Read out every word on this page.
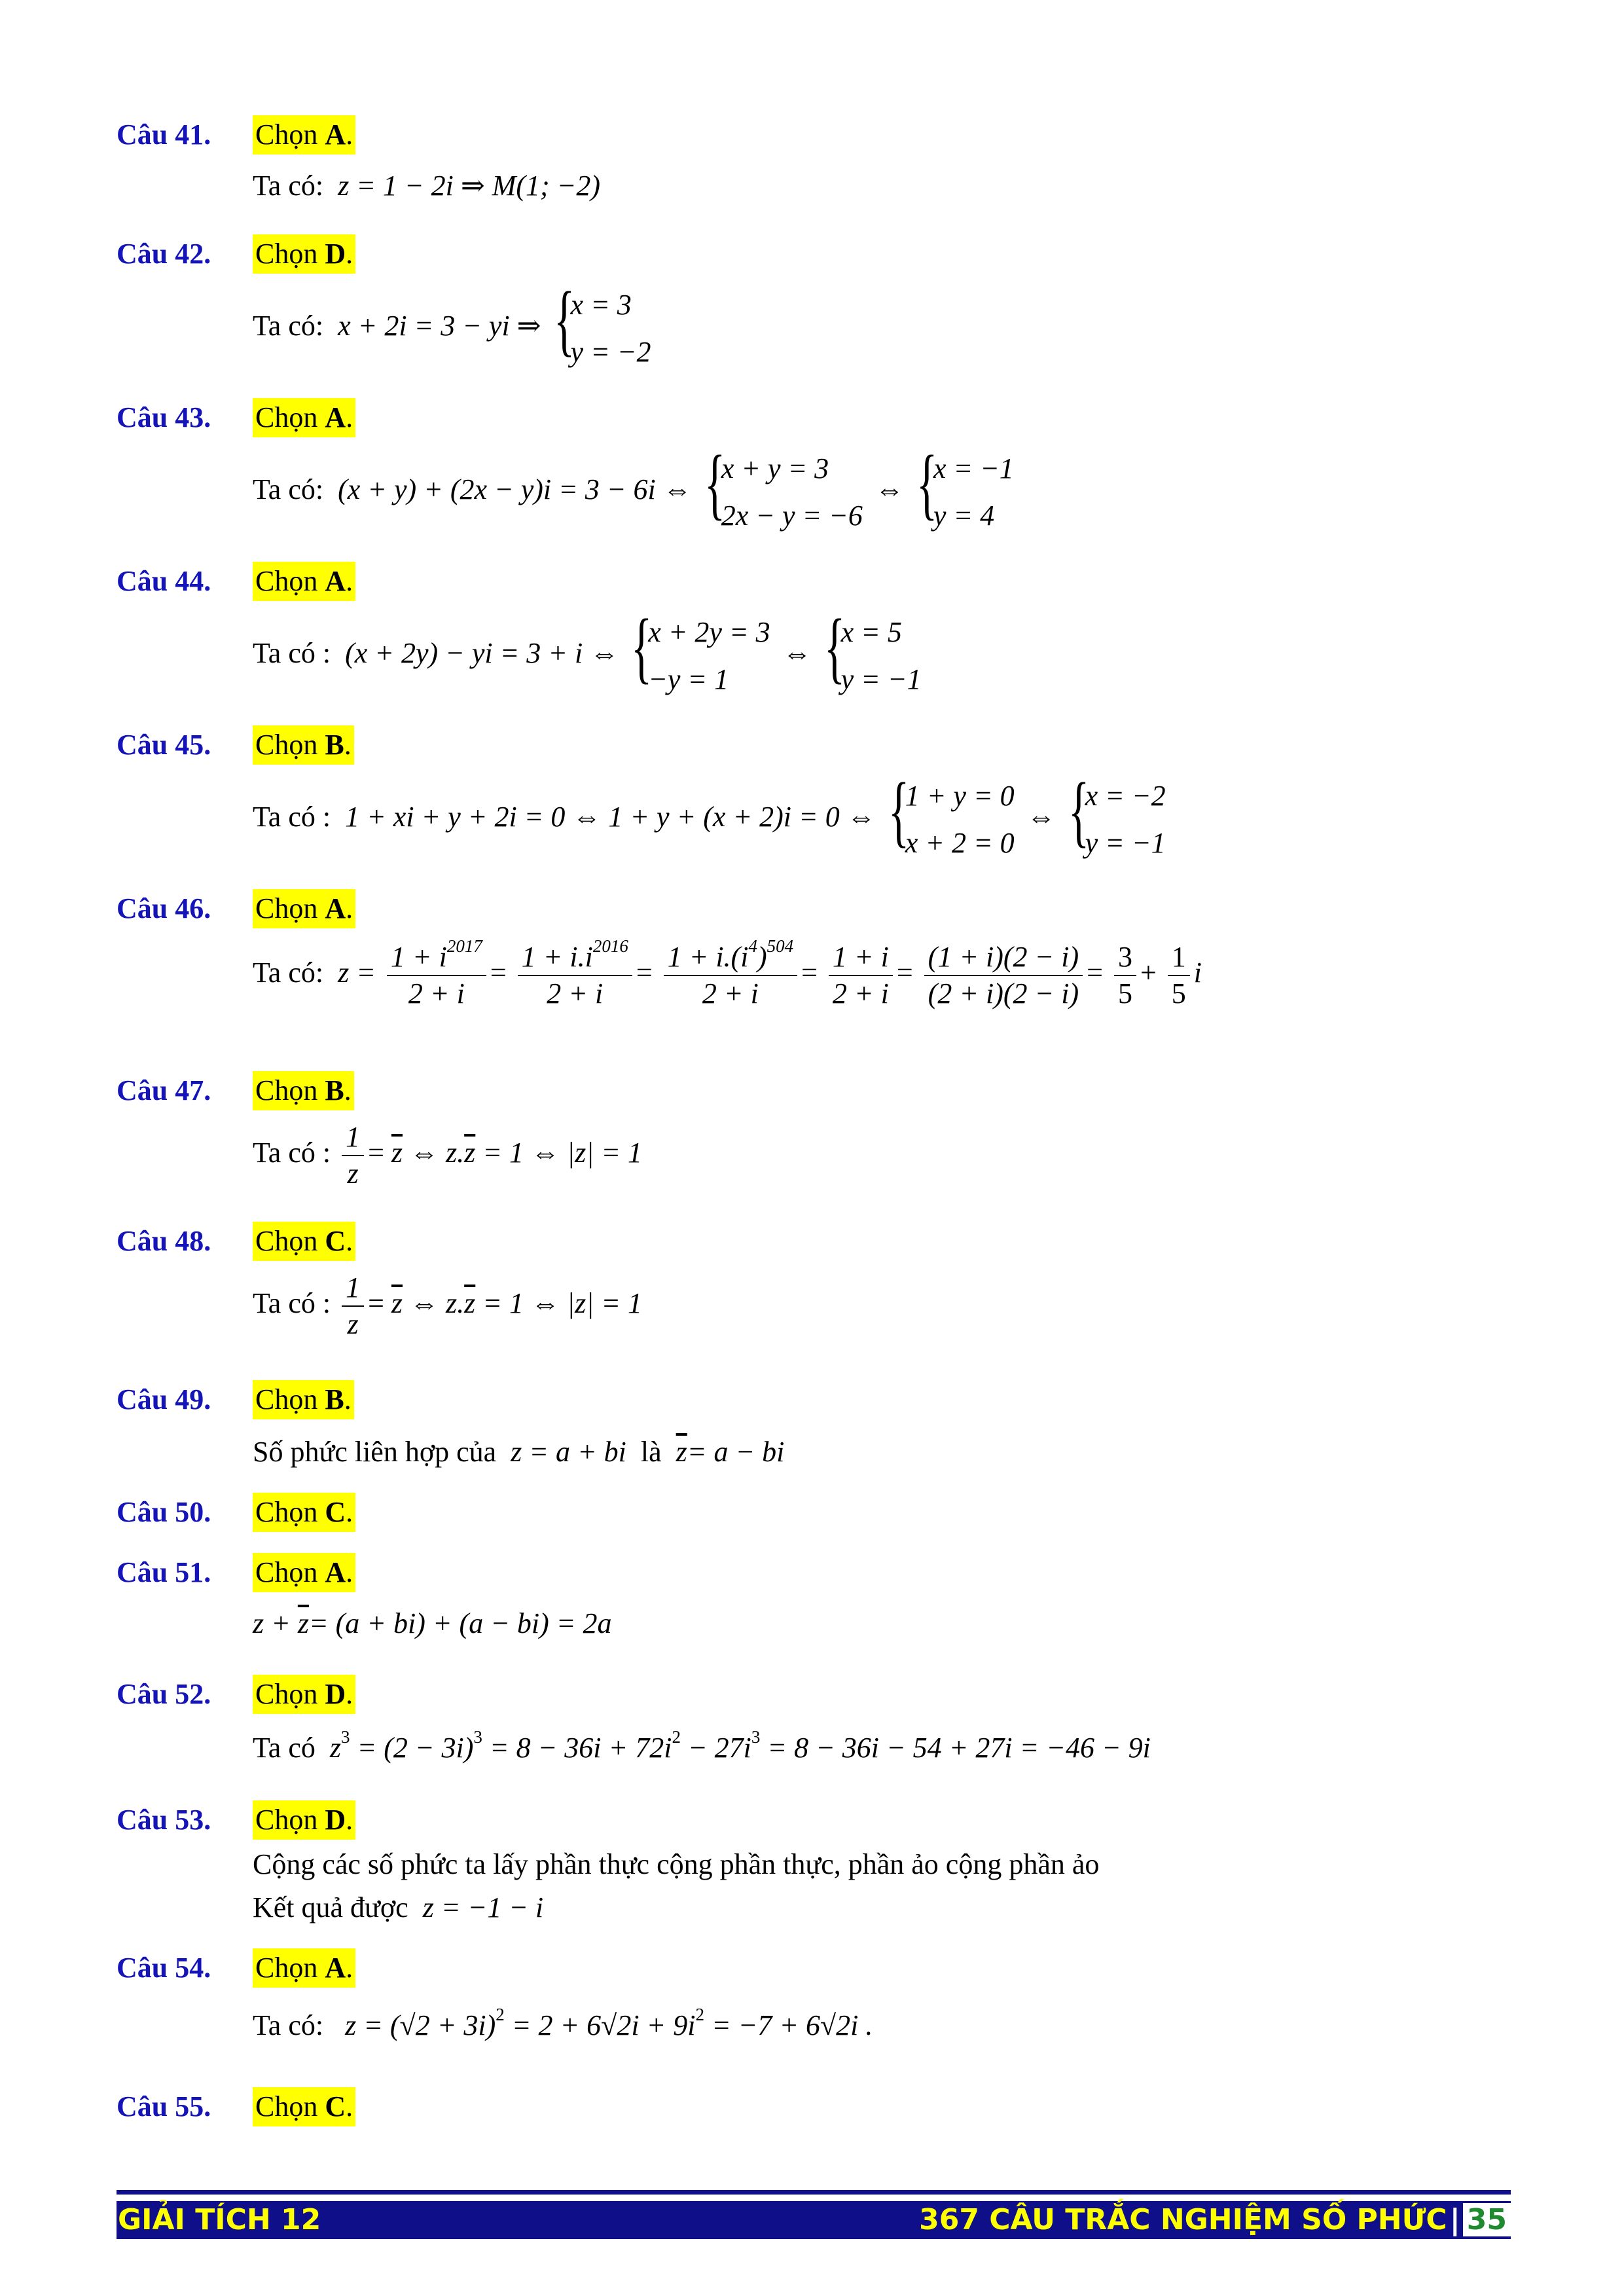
Câu 41.	Chọn A.
Ta có: z = 1 − 2i ⇒ M(1; −2)
Câu 42.	Chọn D.
Ta có: x + 2i = 3 − yi ⇒ {
x = 3
y = −2
Câu 43.	Chọn A.
Ta có: (x + y) + (2x − y)i = 3 − 6i ⇔ {
x + y = 3
2x − y = −6
⇔ {
x = −1
y = 4
Câu 44.	Chọn A.
Ta có : (x + 2y) − yi = 3 + i ⇔ {
x + 2y = 3
−y = 1
⇔ {
x = 5
y = −1
Câu 45.	Chọn B.
Ta có : 1 + xi + y + 2i = 0 ⇔ 1 + y + (x + 2)i = 0 ⇔ {
1 + y = 0
x + 2 = 0
⇔ {
x = −2
y = −1
Câu 46.	Chọn A.
Ta có: $z = \frac{1 + i^{2017}}{2 + i} = \frac{1 + i.i^{2016}}{2 + i} = \frac{1 + i.(i^4)^{504}}{2 + i} = \frac{1 + i}{2 + i} = \frac{(1 + i)(2 - i)}{(2 + i)(2 - i)} = \frac{3}{5} + \frac{1}{5}$ i
Câu 47.	Chọn B.
Ta có : $\frac{1}{z} = \overline{z}$ ⇔ $z.\overline{z} = 1$ ⇔ |z| = 1
Câu 48.	Chọn C.
Ta có : $\frac{1}{z} = \overline{z}$ ⇔ $z.\overline{z} = 1$ ⇔ |z| = 1
Câu 49.	Chọn B.
Số phức liên hợp của z = a + bi là $\overline{z}= a$ − bi
Câu 50.	Chọn C.
Câu 51.	Chọn A.
$z + \overline{z}= (a + bi) + (a - bi) = 2a$
Câu 52.	Chọn D.
Ta có $z^3 = (2 - 3i)^3 = 8 - 36i + 72i^2 - 27i^3 = 8 - 36i - 54 + 27i = -46 - 9i$
Câu 53.	Chọn D.
Cộng các số phức ta lấy phần thực cộng phần thực, phần ảo cộng phần ảo
Kết quả được z = −1 − i
Câu 54.	Chọn A.
Ta có: $z = (√2 + 3i)^2 = 2 + 6√2i + 9i^2 = -7 + 6√2i$ .
Câu 55.	Chọn C.
GIẢI TÍCH 12	367 CÂU TRẮC NGHIỆM SỐ PHỨC| 35
